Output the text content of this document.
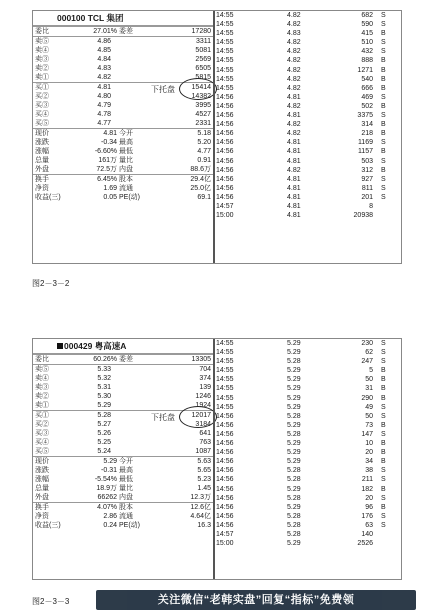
000100 TCL 集团
委比	27.01% 委差	17280
卖⑤	4.86	3311
卖④	4.85	5081
卖③	4.84	2569
卖②	4.83	6505
卖①	4.82	5815
买①	4.81	15414
买②	4.80	14382
买③	4.79	3995
买④	4.78	4527
买⑤	4.77	2331
现价	4.81 今开	5.18
涨跌	-0.34 最高	5.20
涨幅	-6.60% 最低	4.77
总量	161万 量比	0.91
外盘	72.5万 内盘	88.6万
换手	6.45% 股本	29.4亿
净资	1.69 流通	25.0亿
收益(三)	0.05 PE(动)	69.1
下托盘
14:55	4.82	682 S
14:55	4.82	590 S
14:55	4.83	415 B
14:55	4.82	510 S
14:55	4.82	432 S
14:55	4.82	888 B
14:55	4.82	1271 B
14:55	4.82	540 B
14:55	4.82	666 B
14:56	4.81	469 S
14:56	4.82	502 B
14:56	4.81	3375 S
14:56	4.82	314 B
14:56	4.82	218 B
14:56	4.81	1169 S
14:56	4.81	1157 B
14:56	4.81	503 S
14:56	4.82	312 B
14:56	4.81	927 S
14:56	4.81	811 S
14:56	4.81	201 S
14:57	4.81	8
15:00	4.81	20938
图2－3－2
000429 粤高速A
委比	60.26% 委差	13305
卖⑤	5.33	704
卖④	5.32	374
卖③	5.31	139
卖②	5.30	1246
卖①	5.29	1924
买①	5.28	12017
买②	5.27	3184
买③	5.26	641
买④	5.25	763
买⑤	5.24	1087
现价	5.29 今开	5.63
涨跌	-0.31 最高	5.65
涨幅	-5.54% 最低	5.23
总量	18.9万 量比	1.45
外盘	66262 内盘	12.3万
换手	4.07% 股本	12.6亿
净资	2.86 流通	4.64亿
收益(三)	0.24 PE(动)	16.3
下托盘
14:55	5.29	230 S
14:55	5.29	62 S
14:55	5.28	247 S
14:55	5.29	5 B
14:55	5.29	50 B
14:55	5.29	31 B
14:55	5.29	290 B
14:55	5.29	49 S
14:56	5.28	50 S
14:56	5.29	73 B
14:56	5.28	147 S
14:56	5.29	10 B
14:56	5.29	20 B
14:56	5.29	34 B
14:56	5.28	38 S
14:56	5.28	211 S
14:56	5.29	182 B
14:56	5.28	20 S
14:56	5.29	96 B
14:56	5.28	176 S
14:56	5.28	63 S
14:57	5.28	140
15:00	5.29	2526
图2－3－3	关注微信“老韩实盘”回复“指标”免费领
